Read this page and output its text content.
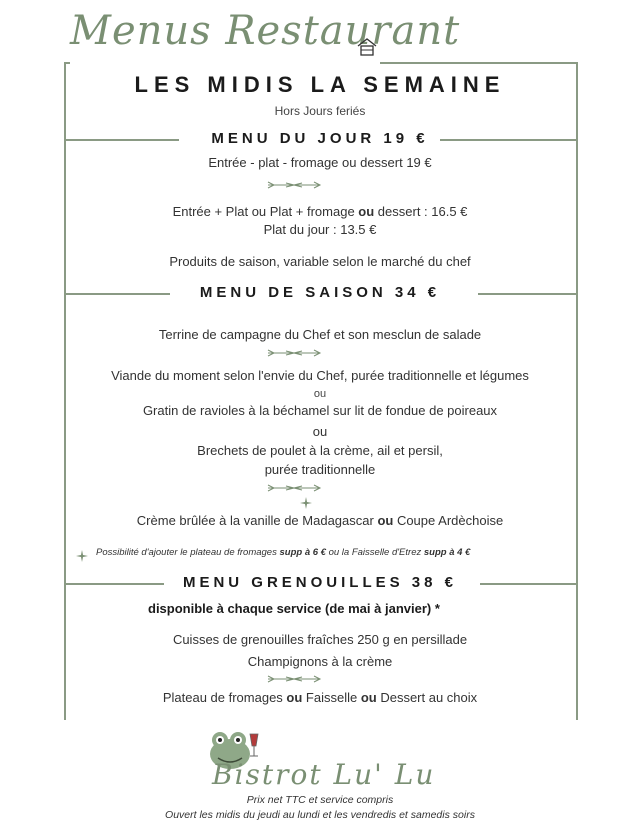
Menus Restaurant
LES MIDIS LA SEMAINE
Hors Jours feriés
MENU DU JOUR 19 €
Entrée - plat - fromage ou dessert 19 €
Entrée + Plat ou Plat + fromage ou dessert : 16.5 €
Plat du jour : 13.5 €
Produits de saison, variable selon le marché du chef
MENU DE SAISON 34 €
Terrine de campagne du Chef et son mesclun de salade
Viande du moment selon l'envie du Chef, purée traditionnelle et légumes
ou
Gratin de ravioles à la béchamel sur lit de fondue de poireaux
ou
Brechets de poulet à la crème, ail et persil,
purée traditionnelle
Crème brûlée à la vanille de Madagascar ou Coupe Ardèchoise
Possibilité d'ajouter le plateau de fromages supp à 6 € ou la Faisselle d'Etrez supp à 4 €
MENU GRENOUILLES 38 €
disponible à chaque service (de mai à janvier) *
Cuisses de grenouilles fraîches 250 g en persillade
Champignons à la crème
Plateau de fromages ou Faisselle ou Dessert au choix
Bistrot Lu' Lu
Prix net TTC et service compris
Ouvert les midis du jeudi au lundi et les vendredis et samedis soirs
